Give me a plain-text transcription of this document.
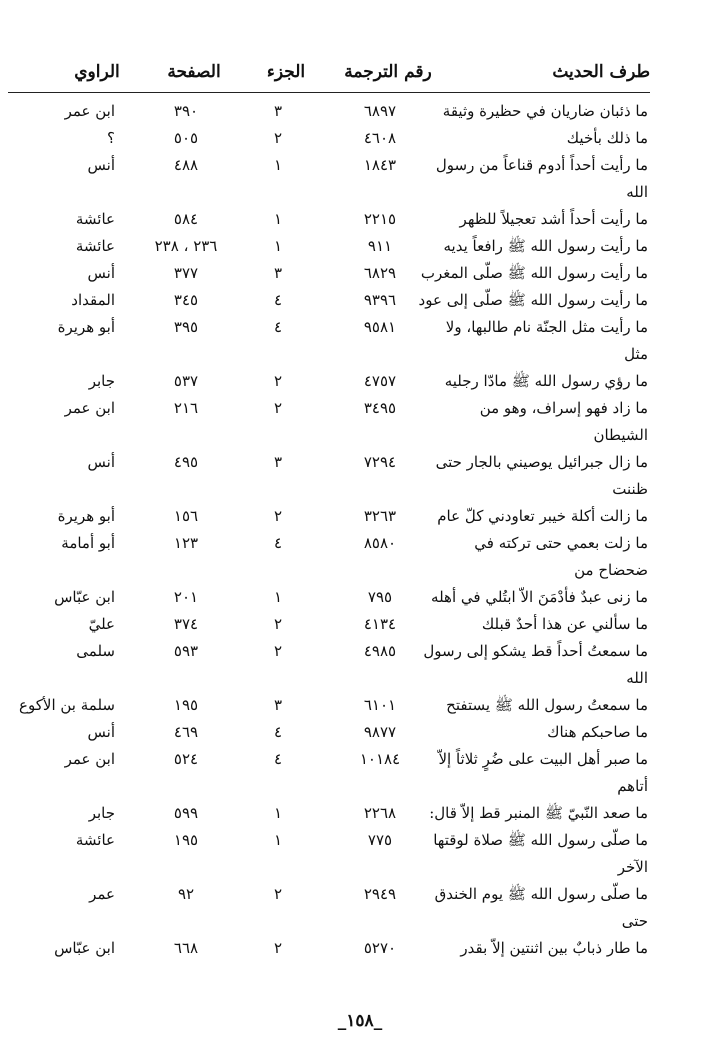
طرف الحديث
رقم الترجمة
الجزء
الصفحة
الراوي
ما ذئبان ضاريان في حظيرة وثيقة
٦٨٩٧
٣
٣٩٠
ابن عمر
ما ذلك بأخيك
٤٦٠٨
٢
٥٠٥
؟
ما رأيت أحداً أدوم قناعاً من رسول
١٨٤٣
١
٤٨٨
أنس
الله
ما رأيت أحداً أشد تعجيلاً للظهر
٢٢١٥
١
٥٨٤
عائشة
ما رأيت رسول الله ﷺ رافعاً يديه
٩١١
١
٢٣٦ ، ٢٣٨
عائشة
ما رأيت رسول الله ﷺ صلّى المغرب
٦٨٢٩
٣
٣٧٧
أنس
ما رأيت رسول الله ﷺ صلّى إلى عود
٩٣٩٦
٤
٣٤٥
المقداد
ما رأيت مثل الجنّة نام طالبها، ولا
٩٥٨١
٤
٣٩٥
أبو هريرة
مثل
ما رؤي رسول الله ﷺ مادّا رجليه
٤٧٥٧
٢
٥٣٧
جابر
ما زاد فهو إسراف، وهو من
٣٤٩٥
٢
٢١٦
ابن عمر
الشيطان
ما زال جبرائيل يوصيني بالجار حتى
٧٢٩٤
٣
٤٩٥
أنس
ظننت
ما زالت أكلة خيبر تعاودني كلّ عام
٣٢٦٣
٢
١٥٦
أبو هريرة
ما زلت بعمي حتى تركته في
٨٥٨٠
٤
١٢٣
أبو أمامة
ضحضاح من
ما زنى عبدٌ فأدْمَنَ الاّ ابتُلي في أهله
٧٩٥
١
٢٠١
ابن عبّاس
ما سألني عن هذا أحدٌ قبلك
٤١٣٤
٢
٣٧٤
عليّ
ما سمعتُ أحداً قط يشكو إلى رسول
٤٩٨٥
٢
٥٩٣
سلمى
الله
ما سمعتُ رسول الله ﷺ يستفتح
٦١٠١
٣
١٩٥
سلمة بن الأكوع
ما صاحبكم هناك
٩٨٧٧
٤
٤٦٩
أنس
ما صبر أهل البيت على ضُرٍ ثلاثاً إلاّ
١٠١٨٤
٤
٥٢٤
ابن عمر
أتاهم
ما صعد النّبيّ ﷺ المنبر قط إلاّ قال:
٢٢٦٨
١
٥٩٩
جابر
ما صلّى رسول الله ﷺ صلاة لوقتها
٧٧٥
١
١٩٥
عائشة
الآخر
ما صلّى رسول الله ﷺ يوم الخندق
٢٩٤٩
٢
٩٢
عمر
حتى
ما طار ذبابٌ بين اثنتين إلاّ بقدر
٥٢٧٠
٢
٦٦٨
ابن عبّاس
_١٥٨_
